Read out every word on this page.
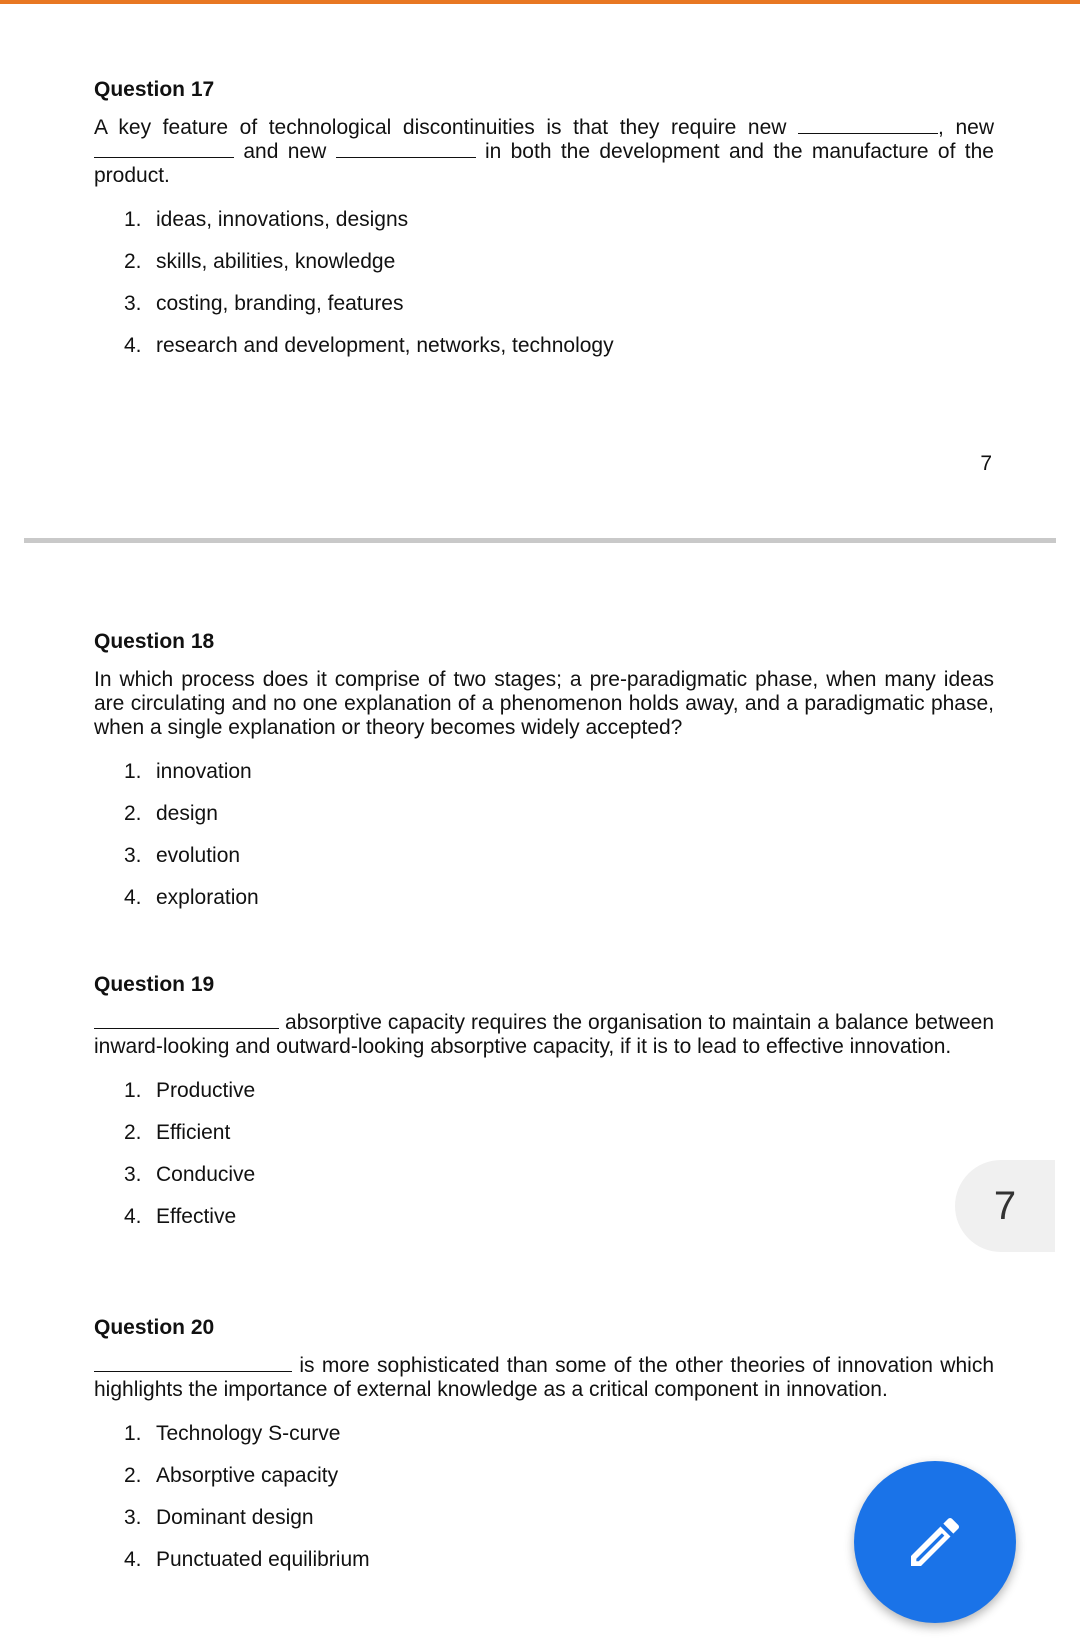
Question 17

A key feature of technological discontinuities is that they require new	, new  and new	in both the development and the manufacture of the product.

1. ideas, innovations, designs
2. skills, abilities, knowledge
3. costing, branding, features
4. research and development, networks, technology
7

Question 18

In which process does it comprise of two stages; a pre-paradigmatic phase, when many ideas are circulating and no one explanation of a phenomenon holds away, and a paradigmatic phase, when a single explanation or theory becomes widely accepted?

1. innovation
2. design
3. evolution
4. exploration

Question 19

absorptive capacity requires the organisation to maintain a balance between inward-looking and outward-looking absorptive capacity, if it is to lead to effective innovation.

1. Productive
2. Efficient
3. Conducive
4. Effective

Question 20

is more sophisticated than some of the other theories of innovation which highlights the importance of external knowledge as a critical component in innovation.

1. Technology S-curve
2. Absorptive capacity
3. Dominant design
4. Punctuated equilibrium
7
